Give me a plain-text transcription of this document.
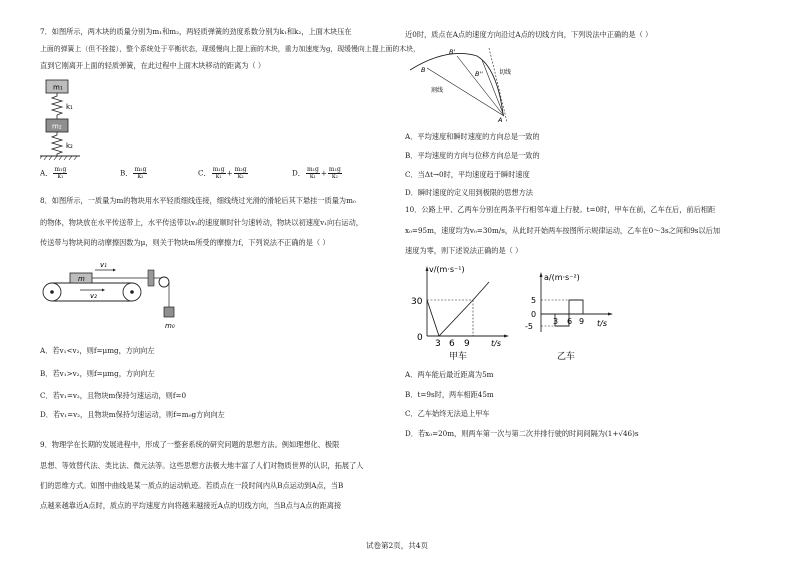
7．如图所示，两木块的质量分别为m₁和m₂，两轻质弹簧的劲度系数分别为k₁和k₂，上面木块压在
上面的弹簧上（但不拴接），整个系统处于平衡状态，现缓慢向上提上面的木块，重力加速度为g，现缓慢向上提上面的木块，
直到它刚离开上面的轻质弹簧，在此过程中上面木块移动的距离为（ ）
m₁
k₁
m₂
k₂
A． $\frac{\text{m₁g}}{\text{k₁}}$	B． $\frac{\text{m₂g}}{\text{k₂}}$	C． $\frac{\text{m₁g}}{\text{k₁}} + \frac{\text{m₂g}}{\text{k₂}}$	D． $\frac{\text{m₁g}}{\text{k₁}} + \frac{\text{m₁g}}{\text{k₂}}$
8．如图所示，一质量为m的物块用水平轻质细线连接，细线绕过光滑的滑轮后其下悬挂一质量为m₀
的物体，物块放在水平传送带上，水平传送带以v₂的速度顺时针匀速转动，物块以初速度v₁向右运动，
传送带与物块间的动摩擦因数为μ，则关于物块m所受的摩擦力f，下列说法不正确的是（ ）
m
v₁
v₂
m₀
A．若v₁<v₂，则f=μmg，方向向左
B．若v₁>v₂，则f=μmg，方向向左
C．若v₁=v₂，且物块m保持匀速运动，则f=0
D．若v₁=v₂，且物块m保持匀速运动，则f=m₀g方向向左
9．物理学在长期的发展进程中，形成了一整套系统的研究问题的思想方法。例如理想化、极限
思想、等效替代法、类比法、微元法等。这些思想方法极大地丰富了人们对物质世界的认识，拓展了人
们的思维方式。如图中曲线是某一质点的运动轨迹。若质点在一段时间内从B点运动到A点，当B
点越来越靠近A点时，质点的平均速度方向将越来越接近A点的切线方向，当B点与A点的距离接
近0时，质点在A点的速度方向沿过A点的切线方向，下列说法中正确的是（ ）
B
B'
B''
A
切线
割线
A．平均速度和瞬时速度的方向总是一致的
B．平均速度的方向与位移方向总是一致的
C．当Δt→0时，平均速度趋于瞬时速度
D．瞬时速度的定义用到极限的思想方法
10．公路上甲、乙两车分别在两条平行相邻车道上行驶。t=0时，甲车在前，乙车在后，前后相距
x₀=95m，速度均为v₀=30m/s，从此时开始两车按图所示规律运动，乙车在0～3s之间和9s以后加
速度为零，则下述说法正确的是（ ）
v/(m·s⁻¹)
30
0
3 6 9	t/s
甲车
a/(m·s⁻²)
5
0
-5
3 6 9 t/s
乙车
A．两车能后最近距离为5m
B．t=9s时，两车相距45m
C．乙车始终无法追上甲车
D．若x₀=20m，则两车第一次与第二次并排行驶的时间间隔为(1+√46)s
试卷第2页，共4页
